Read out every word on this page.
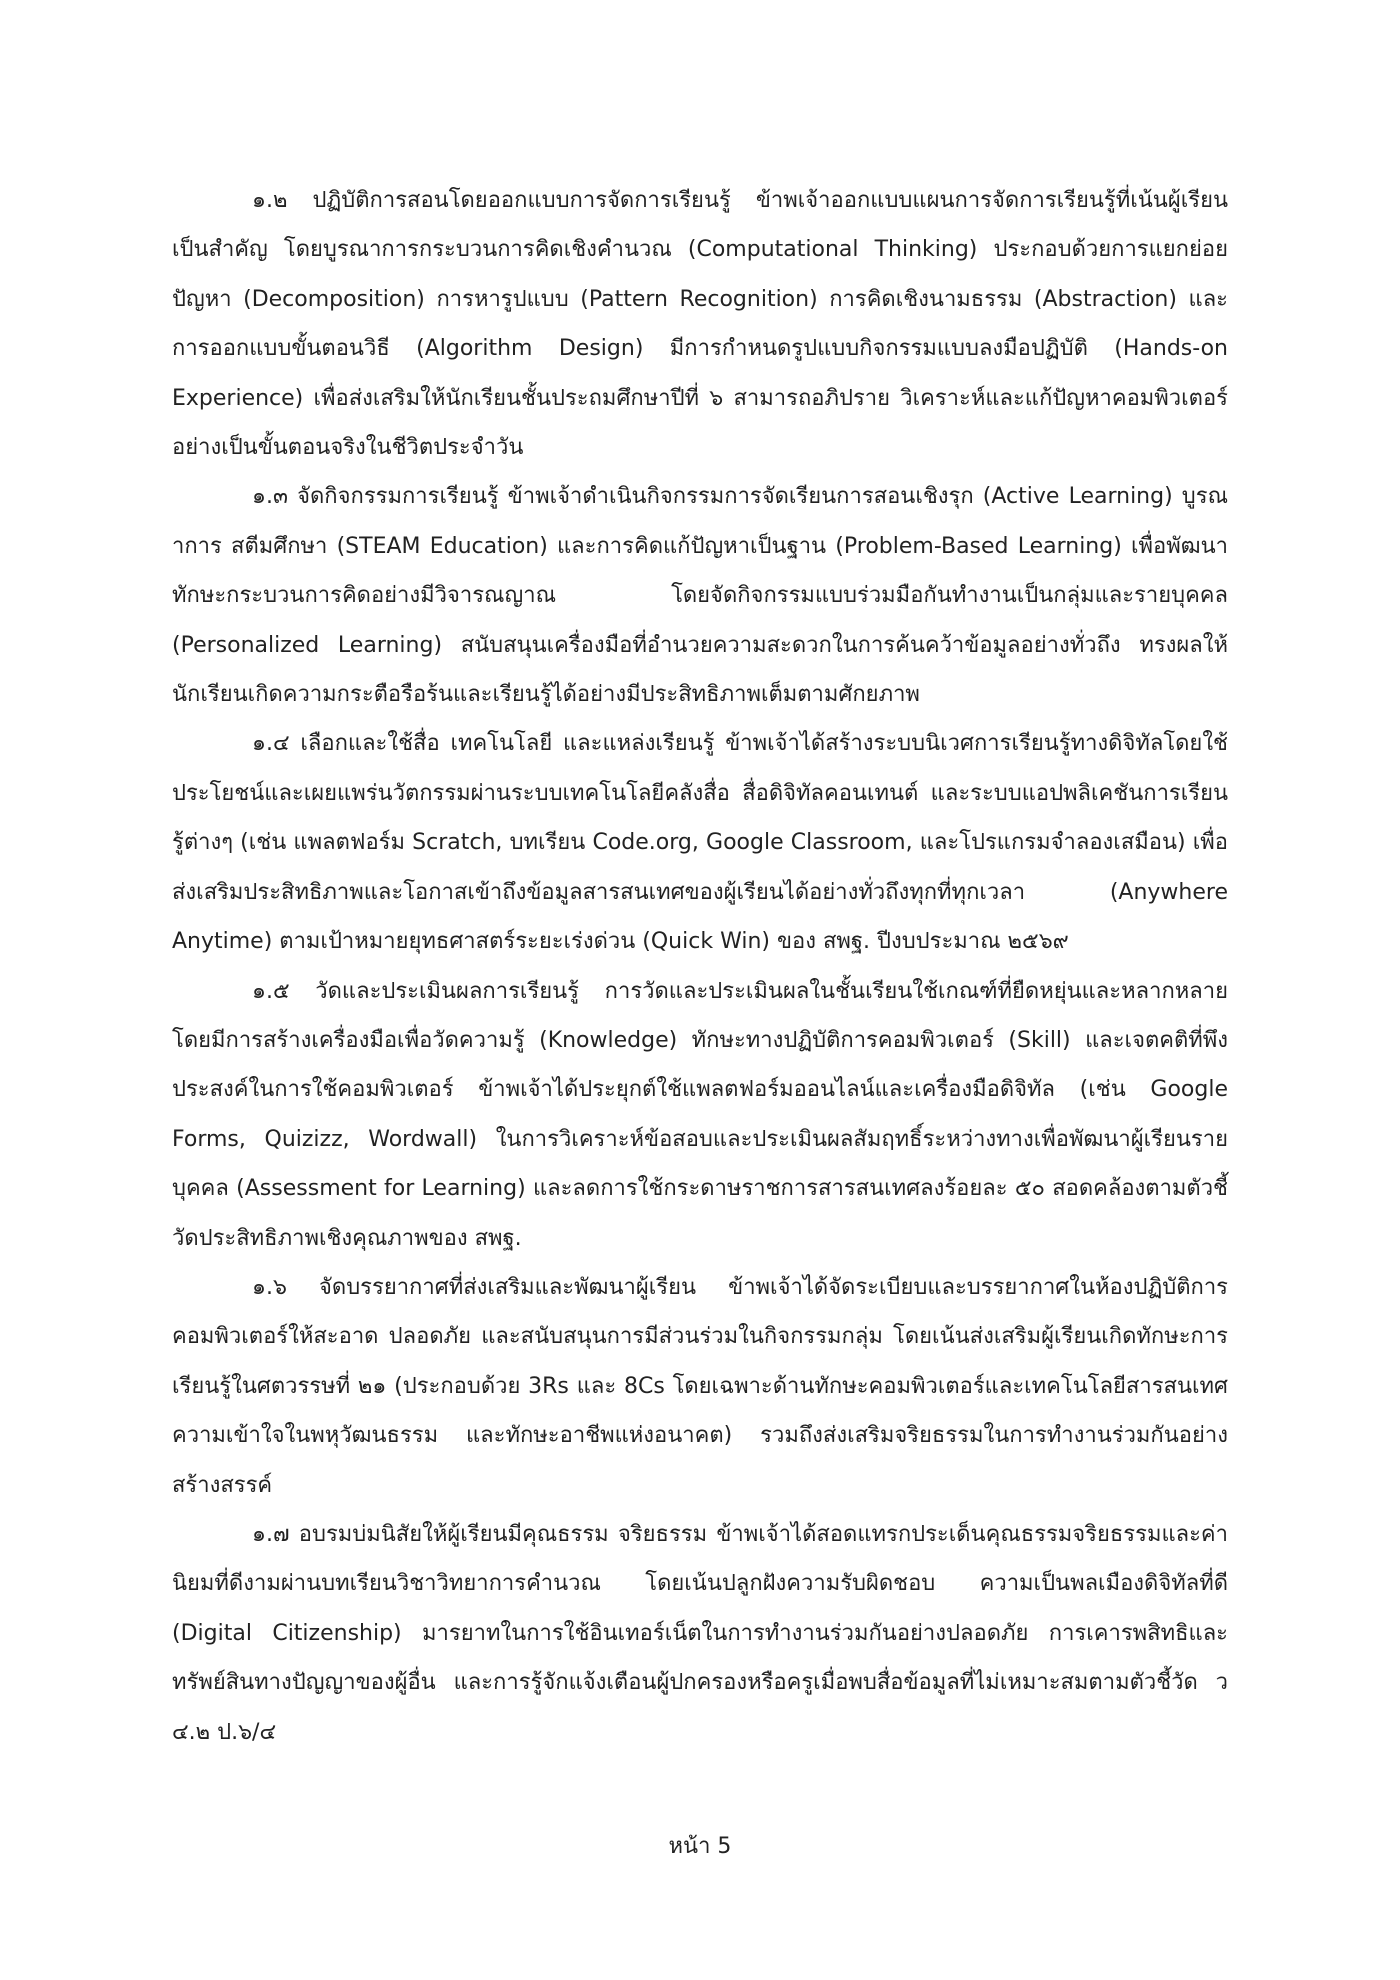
๑.๒ ปฏิบัติการสอนโดยออกแบบการจัดการเรียนรู้ ข้าพเจ้าออกแบบแผนการจัดการเรียนรู้ที่เน้นผู้เรียนเป็นสำคัญ โดยบูรณาการกระบวนการคิดเชิงคำนวณ (Computational Thinking) ประกอบด้วยการแยกย่อยปัญหา (Decomposition) การหารูปแบบ (Pattern Recognition) การคิดเชิงนามธรรม (Abstraction) และการออกแบบขั้นตอนวิธี (Algorithm Design) มีการกำหนดรูปแบบกิจกรรมแบบลงมือปฏิบัติ (Hands-on Experience) เพื่อส่งเสริมให้นักเรียนชั้นประถมศึกษาปีที่ ๖ สามารถอภิปราย วิเคราะห์และแก้ปัญหาคอมพิวเตอร์อย่างเป็นขั้นตอนจริงในชีวิตประจำวัน

๑.๓ จัดกิจกรรมการเรียนรู้ ข้าพเจ้าดำเนินกิจกรรมการจัดเรียนการสอนเชิงรุก (Active Learning) บูรณาการ สตีมศึกษา (STEAM Education) และการคิดแก้ปัญหาเป็นฐาน (Problem-Based Learning) เพื่อพัฒนาทักษะกระบวนการคิดอย่างมีวิจารณญาณ โดยจัดกิจกรรมแบบร่วมมือกันทำงานเป็นกลุ่มและรายบุคคล (Personalized Learning) สนับสนุนเครื่องมือที่อำนวยความสะดวกในการค้นคว้าข้อมูลอย่างทั่วถึง ทรงผลให้นักเรียนเกิดความกระตือรือร้นและเรียนรู้ได้อย่างมีประสิทธิภาพเต็มตามศักยภาพ

๑.๔ เลือกและใช้สื่อ เทคโนโลยี และแหล่งเรียนรู้ ข้าพเจ้าได้สร้างระบบนิเวศการเรียนรู้ทางดิจิทัลโดยใช้ประโยชน์และเผยแพร่นวัตกรรมผ่านระบบเทคโนโลยีคลังสื่อ สื่อดิจิทัลคอนเทนต์ และระบบแอปพลิเคชันการเรียนรู้ต่างๆ (เช่น แพลตฟอร์ม Scratch, บทเรียน Code.org, Google Classroom, และโปรแกรมจำลองเสมือน) เพื่อส่งเสริมประสิทธิภาพและโอกาสเข้าถึงข้อมูลสารสนเทศของผู้เรียนได้อย่างทั่วถึงทุกที่ทุกเวลา (Anywhere Anytime) ตามเป้าหมายยุทธศาสตร์ระยะเร่งด่วน (Quick Win) ของ สพฐ. ปีงบประมาณ ๒๕๖๙

๑.๕ วัดและประเมินผลการเรียนรู้ การวัดและประเมินผลในชั้นเรียนใช้เกณฑ์ที่ยืดหยุ่นและหลากหลาย โดยมีการสร้างเครื่องมือเพื่อวัดความรู้ (Knowledge) ทักษะทางปฏิบัติการคอมพิวเตอร์ (Skill) และเจตคติที่พึงประสงค์ในการใช้คอมพิวเตอร์ ข้าพเจ้าได้ประยุกต์ใช้แพลตฟอร์มออนไลน์และเครื่องมือดิจิทัล (เช่น Google Forms, Quizizz, Wordwall) ในการวิเคราะห์ข้อสอบและประเมินผลสัมฤทธิ์ระหว่างทางเพื่อพัฒนาผู้เรียนรายบุคคล (Assessment for Learning) และลดการใช้กระดาษราชการสารสนเทศลงร้อยละ ๕๐ สอดคล้องตามตัวชี้วัดประสิทธิภาพเชิงคุณภาพของ สพฐ.

๑.๖ จัดบรรยากาศที่ส่งเสริมและพัฒนาผู้เรียน ข้าพเจ้าได้จัดระเบียบและบรรยากาศในห้องปฏิบัติการคอมพิวเตอร์ให้สะอาด ปลอดภัย และสนับสนุนการมีส่วนร่วมในกิจกรรมกลุ่ม โดยเน้นส่งเสริมผู้เรียนเกิดทักษะการเรียนรู้ในศตวรรษที่ ๒๑ (ประกอบด้วย 3Rs และ 8Cs โดยเฉพาะด้านทักษะคอมพิวเตอร์และเทคโนโลยีสารสนเทศ ความเข้าใจในพหุวัฒนธรรม และทักษะอาชีพแห่งอนาคต) รวมถึงส่งเสริมจริยธรรมในการทำงานร่วมกันอย่างสร้างสรรค์

๑.๗ อบรมบ่มนิสัยให้ผู้เรียนมีคุณธรรม จริยธรรม ข้าพเจ้าได้สอดแทรกประเด็นคุณธรรมจริยธรรมและค่านิยมที่ดีงามผ่านบทเรียนวิชาวิทยาการคำนวณ โดยเน้นปลูกฝังความรับผิดชอบ ความเป็นพลเมืองดิจิทัลที่ดี (Digital Citizenship) มารยาทในการใช้อินเทอร์เน็ตในการทำงานร่วมกันอย่างปลอดภัย การเคารพสิทธิและทรัพย์สินทางปัญญาของผู้อื่น และการรู้จักแจ้งเตือนผู้ปกครองหรือครูเมื่อพบสื่อข้อมูลที่ไม่เหมาะสมตามตัวชี้วัด ว ๔.๒ ป.๖/๔

หน้า 5
